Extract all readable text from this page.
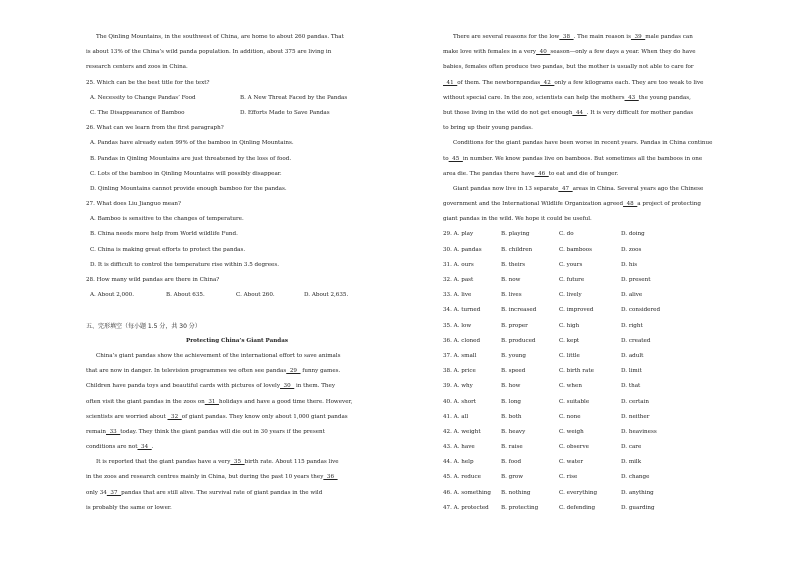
The Qinling Mountains, in the southwest of China, are home to about 260 pandas. That
is about 13% of the China’s wild panda population. In addition, about 375 are living in
research centers and zoos in China.
25. Which can be the best title for the text?
A. Necessity to Change Pandas’ Food	B. A New Threat Faced by the Pandas
C. The Disappearance of Bamboo	D. Efforts Made to Save Pandas
26. What can we learn from the first paragraph?
A. Pandas have already eaten 99% of the bamboo in Qinling Mountains.
B. Pandas in Qinling Mountains are just threatened by the loss of food.
C. Lots of the bamboo in Qinling Mountains will possibly disappear.
D. Qinling Mountains cannot provide enough bamboo for the pandas.
27. What does Liu Jianguo mean?
A. Bamboo is sensitive to the changes of temperature.
B. China needs more help from World wildlife Fund.
C. China is making great efforts to protect the pandas.
D. It is difficult to control the temperature rise within 3.5 degrees.
28. How many wild pandas are there in China?
A. About 2,000.	B. About 635.	C. About 260.	D. About 2,635.
五、完形填空（每小题 1.5 分，共 30 分）
Protecting China’s Giant Pandas
China’s giant pandas show the achievement of the international effort to save animals
that are now in danger. In television programmes we often see pandas  29   funny games.
Children have panda toys and beautiful cards with pictures of lovely  30   in them. They
often visit the giant pandas in the zoos on  31  holidays and have a good time there. However,
scientists are worried about   32  of giant pandas. They know only about 1,000 giant pandas
remain  33  today. They think the giant pandas will die out in 30 years if the present
conditions are not  34  .
It is reported that the giant pandas have a very  35  birth rate. About 115 pandas live
in the zoos and research centres mainly in China, but during the past 10 years they  36
only 34  37  pandas that are still alive. The survival rate of giant pandas in the wild
is probably the same or lower.
There are several reasons for the low  38  . The main reason is  39  male pandas can
make love with females in a very  40  season—only a few days a year. When they do have
babies, females often produce two pandas, but the mother is usually not able to care for
41  of them. The newbornpandas  42  only a few kilograms each. They are too weak to live
without special care. In the zoo, scientists can help the mothers  43  the young pandas,
but those living in the wild do not get enough  44  . It is very difficult for mother pandas
to bring up their young pandas.
Conditions for the giant pandas have been worse in recent years. Pandas in China continue
to  45  in number. We know pandas live on bamboos. But sometimes all the bamboos in one
area die. The pandas there have  46  to eat and die of hunger.
Giant pandas now live in 13 separate  47  areas in China. Several years ago the Chinese
government and the International Wildlife Organization agreed  48  a project of protecting
giant pandas in the wild. We hope it could be useful.
29. A. play	B. playing	C. do	D. doing
30. A. pandas	B. children	C. bamboos	D. zoos
31. A. ours	B. theirs	C. yours	D. his
32. A. past	B. now	C. future	D. present
33. A. live	B. lives	C. lively	D. alive
34. A. turned	B. increased	C. improved	D. considered
35. A. low	B. proper	C. high	D. right
36. A. cloned	B. produced	C. kept	D. created
37. A. small	B. young	C. little	D. adult
38. A. price	B. speed	C. birth rate	D. limit
39. A. why	B. how	C. when	D. that
40. A. short	B. long	C. suitable	D. certain
41. A. all	B. both	C. none	D. neither
42. A. weight	B. heavy	C. weigh	D. heaviness
43. A. have	B. raise	C. observe	D. care
44. A. help	B. food	C. water	D. milk
45. A. reduce	B. grow	C. rise	D. change
46. A. something B. nothing	C. everything	D. anything
47. A. protected B. protecting	C. defending	D. guarding
